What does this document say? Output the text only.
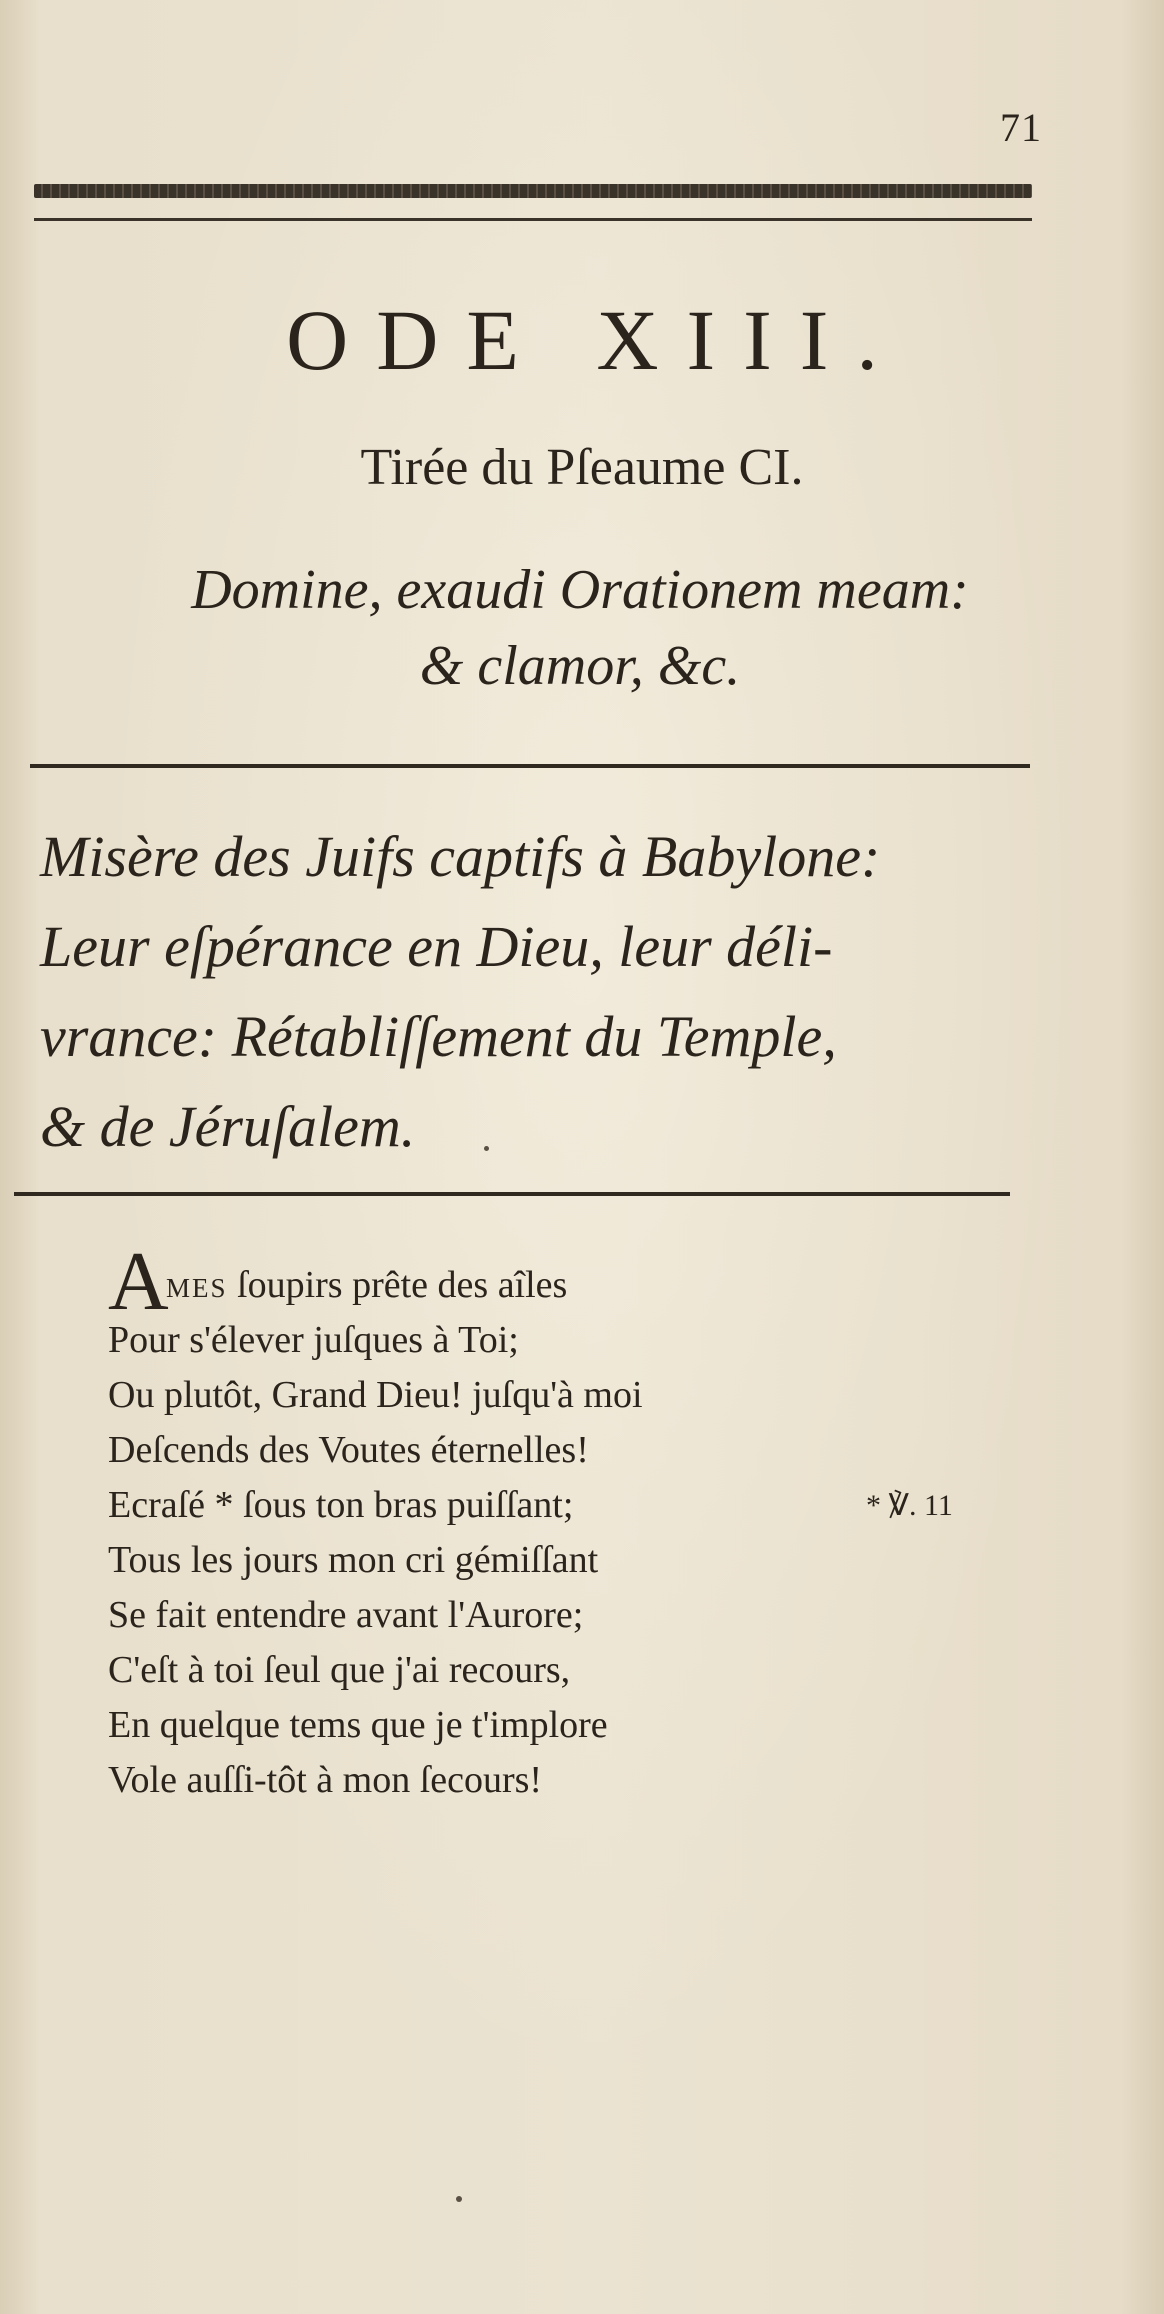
71
ODE XIII.
Tirée du Pſeaume CI.
Domine, exaudi Orationem meam:
& clamor, &c.
Misère des Juifs captifs à Babylone:
Leur eſpérance en Dieu, leur déli-
vrance: Rétabliſſement du Temple,
& de Jéruſalem.
A
mes ſoupirs prête des aîles
Pour s'élever juſques à Toi;
Ou plutôt, Grand Dieu! juſqu'à moi
Deſcends des Voutes éternelles!
Ecraſé * ſous ton bras puiſſant;	* ℣. 11
Tous les jours mon cri gémiſſant
Se fait entendre avant l'Aurore;
C'eſt à toi ſeul que j'ai recours,
En quelque tems que je t'implore
Vole auſſi-tôt à mon ſecours!
